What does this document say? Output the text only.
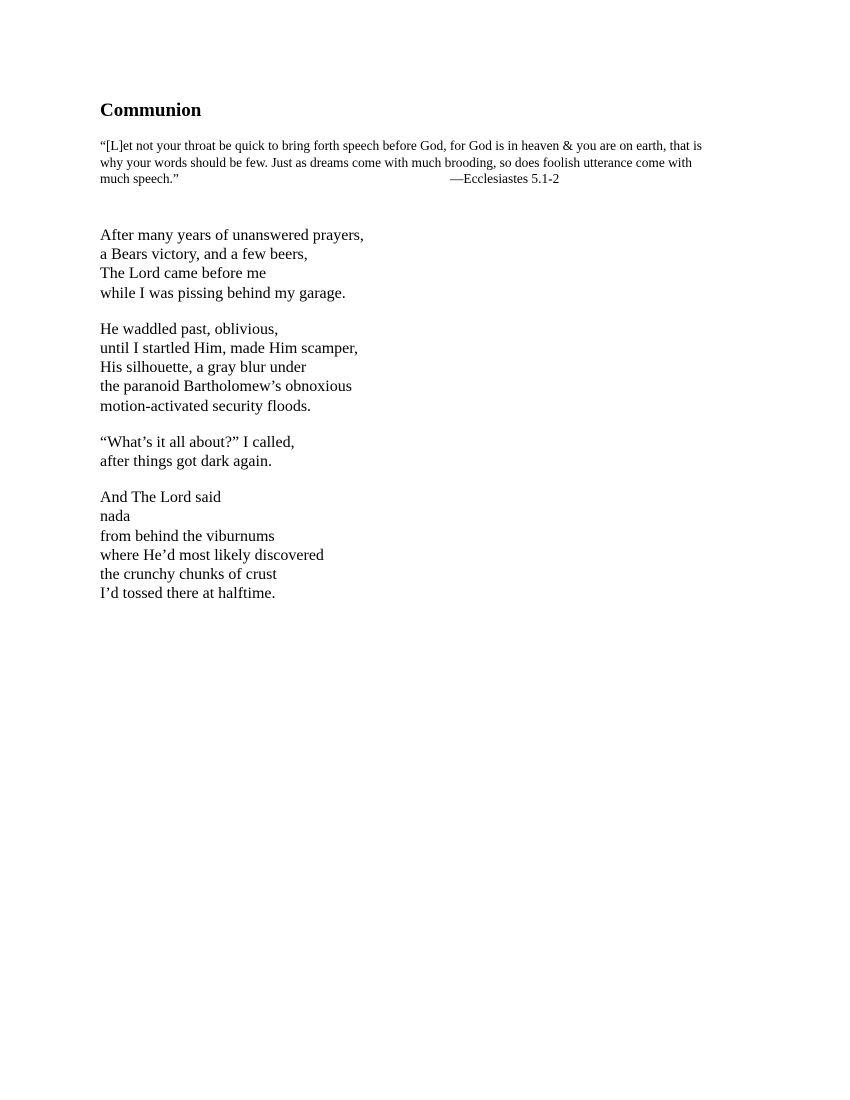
Communion
“[L]et not your throat be quick to bring forth speech before God, for God is in heaven & you are on earth, that is
why your words should be few. Just as dreams come with much brooding, so does foolish utterance come with
much speech.”	—Ecclesiastes 5.1-2
After many years of unanswered prayers,
a Bears victory, and a few beers,
The Lord came before me
while I was pissing behind my garage.
He waddled past, oblivious,
until I startled Him, made Him scamper,
His silhouette, a gray blur under
the paranoid Bartholomew’s obnoxious
motion-activated security floods.
“What’s it all about?” I called,
after things got dark again.
And The Lord said
nada
from behind the viburnums
where He’d most likely discovered
the crunchy chunks of crust
I’d tossed there at halftime.
